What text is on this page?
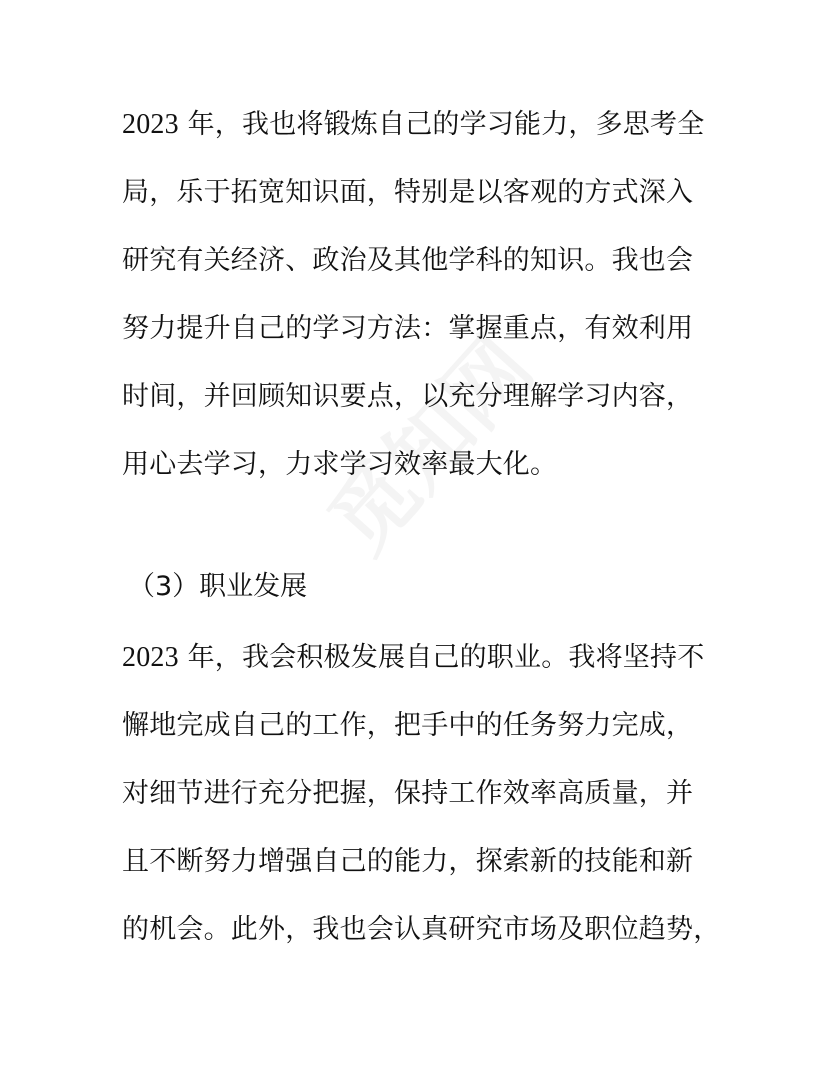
2023 年，我也将锻炼自己的学习能力，多思考全
局，乐于拓宽知识面，特别是以客观的方式深入
研究有关经济、政治及其他学科的知识。我也会
努力提升自己的学习方法：掌握重点，有效利用
时间，并回顾知识要点，以充分理解学习内容，
用心去学习，力求学习效率最大化。
（3）职业发展
2023 年，我会积极发展自己的职业。我将坚持不
懈地完成自己的工作，把手中的任务努力完成，
对细节进行充分把握，保持工作效率高质量，并
且不断努力增强自己的能力，探索新的技能和新
的机会。此外，我也会认真研究市场及职位趋势，
